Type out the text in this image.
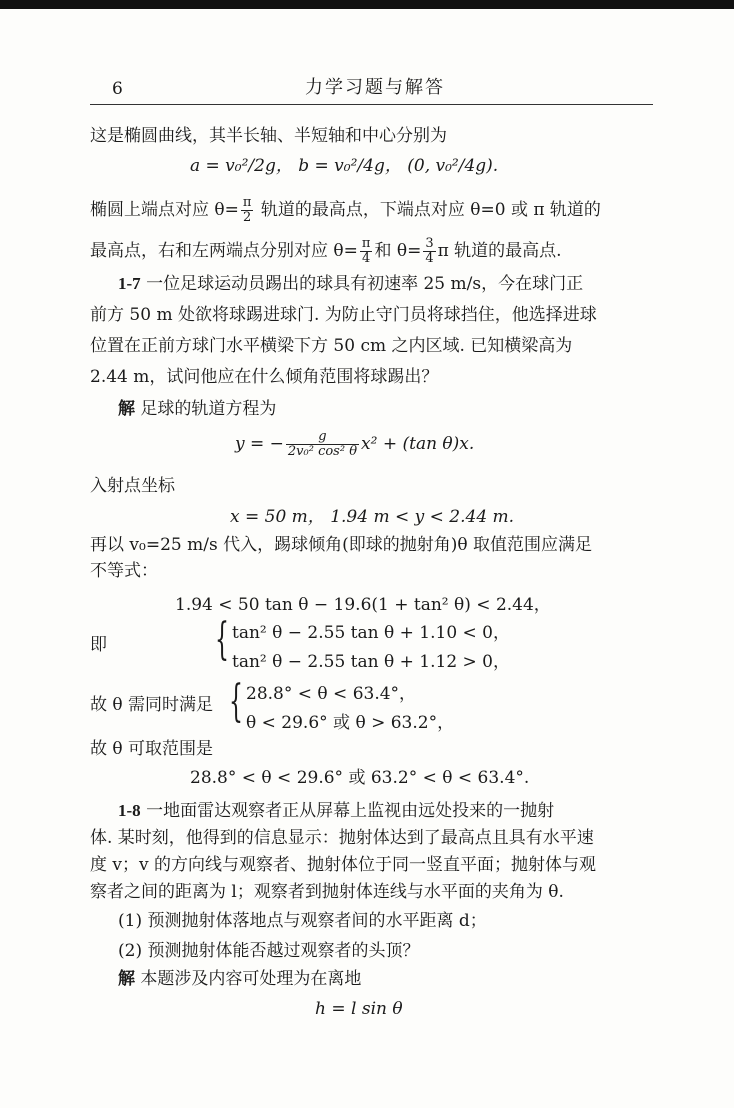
6	力学习题与解答
这是椭圆曲线，其半长轴、半短轴和中心分别为
a = v₀²/2g， b = v₀²/4g， (0, v₀²/4g).
椭圆上端点对应 $\theta= \frac{\pi}{2}$ 轨道的最高点，下端点对应 θ=0 或 π 轨道的
最高点，右和左两端点分别对应 $\theta= \frac{\pi}{4}$ 和 $\theta= \frac{3}{4}$ π 轨道的最高点.
1-7 一位足球运动员踢出的球具有初速率 25 m/s，今在球门正
前方 50 m 处欲将球踢进球门. 为防止守门员将球挡住，他选择进球
位置在正前方球门水平横梁下方 50 cm 之内区域. 已知横梁高为
2.44 m，试问他应在什么倾角范围将球踢出？
解 足球的轨道方程为
y = − $\frac{g}{\text{2v₀² cos² θ}} x^2 + (\tan$ θ)x.
入射点坐标
x = 50 m， 1.94 m < y < 2.44 m.
再以 v₀=25 m/s 代入，踢球倾角(即球的抛射角)θ 取值范围应满足
不等式：
1.94 < 50 tan θ − 19.6(1 + tan² θ) < 2.44，
即 { tan² θ − 2.55 tan θ + 1.10 < 0，
tan² θ − 2.55 tan θ + 1.12 > 0，
故 θ 需同时满足 { 28.8° < θ < 63.4°，
θ < 29.6° 或 θ > 63.2°，
故 θ 可取范围是
28.8° < θ < 29.6° 或 63.2° < θ < 63.4°.
1-8 一地面雷达观察者正从屏幕上监视由远处投来的一抛射
体. 某时刻，他得到的信息显示：抛射体达到了最高点且具有水平速
度 v；v 的方向线与观察者、抛射体位于同一竖直平面；抛射体与观
察者之间的距离为 l；观察者到抛射体连线与水平面的夹角为 θ.
(1) 预测抛射体落地点与观察者间的水平距离 d；
(2) 预测抛射体能否越过观察者的头顶？
解 本题涉及内容可处理为在离地
h = l sin θ
